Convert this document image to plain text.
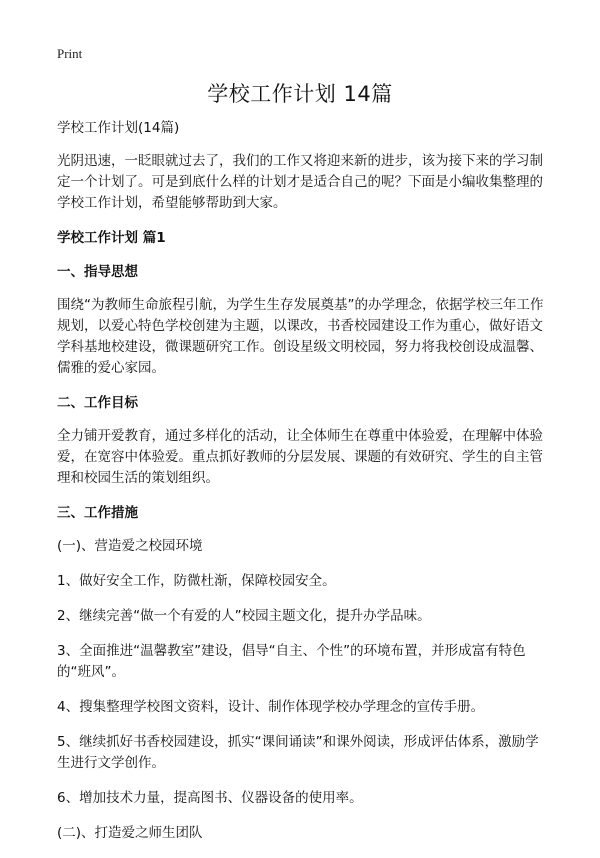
Print
学校工作计划 14篇

学校工作计划(14篇)

光阴迅速，一眨眼就过去了，我们的工作又将迎来新的进步，该为接下来的学习制定一个计划了。可是到底什么样的计划才是适合自己的呢？下面是小编收集整理的学校工作计划，希望能够帮助到大家。

学校工作计划 篇1

一、指导思想

围绕“为教师生命旅程引航，为学生生存发展奠基”的办学理念，依据学校三年工作规划，以爱心特色学校创建为主题，以课改，书香校园建设工作为重心，做好语文学科基地校建设，微课题研究工作。创设星级文明校园，努力将我校创设成温馨、儒雅的爱心家园。

二、工作目标

全力铺开爱教育，通过多样化的活动，让全体师生在尊重中体验爱，在理解中体验爱，在宽容中体验爱。重点抓好教师的分层发展、课题的有效研究、学生的自主管理和校园生活的策划组织。

三、工作措施

(一)、营造爱之校园环境

1、做好安全工作，防微杜渐，保障校园安全。

2、继续完善“做一个有爱的人”校园主题文化，提升办学品味。

3、全面推进“温馨教室”建设，倡导“自主、个性”的环境布置，并形成富有特色的“班风”。

4、搜集整理学校图文资料，设计、制作体现学校办学理念的宣传手册。

5、继续抓好书香校园建设，抓实“课间诵读”和课外阅读，形成评估体系，激励学生进行文学创作。

6、增加技术力量，提高图书、仪器设备的使用率。

(二)、打造爱之师生团队
